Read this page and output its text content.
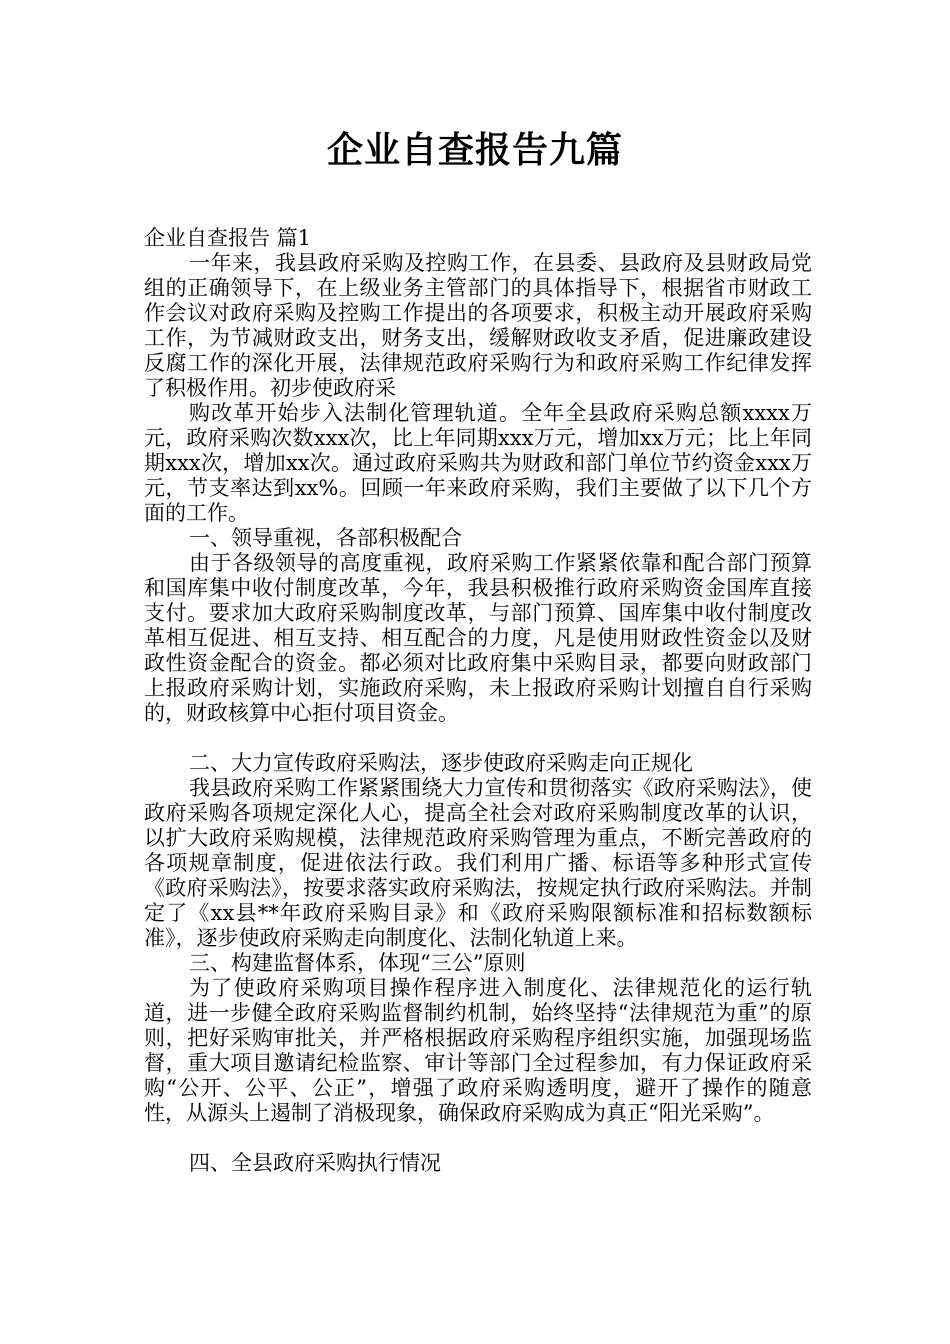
企业自查报告九篇

企业自查报告 篇1

一年来，我县政府采购及控购工作，在县委、县政府及县财政局党组的正确领导下，在上级业务主管部门的具体指导下，根据省市财政工作会议对政府采购及控购工作提出的各项要求，积极主动开展政府采购工作，为节减财政支出，财务支出，缓解财政收支矛盾，促进廉政建设反腐工作的深化开展，法律规范政府采购行为和政府采购工作纪律发挥了积极作用。初步使政府采

购改革开始步入法制化管理轨道。全年全县政府采购总额xxxx万元，政府采购次数xxx次，比上年同期xxx万元，增加xx万元；比上年同期xxx次，增加xx次。通过政府采购共为财政和部门单位节约资金xxx万元，节支率达到xx%。回顾一年来政府采购，我们主要做了以下几个方面的工作。

一、领导重视，各部积极配合

由于各级领导的高度重视，政府采购工作紧紧依靠和配合部门预算和国库集中收付制度改革，今年，我县积极推行政府采购资金国库直接支付。要求加大政府采购制度改革，与部门预算、国库集中收付制度改革相互促进、相互支持、相互配合的力度，凡是使用财政性资金以及财政性资金配合的资金。都必须对比政府集中采购目录，都要向财政部门上报政府采购计划，实施政府采购，未上报政府采购计划擅自自行采购的，财政核算中心拒付项目资金。

二、大力宣传政府采购法，逐步使政府采购走向正规化

我县政府采购工作紧紧围绕大力宣传和贯彻落实《政府采购法》，使政府采购各项规定深化人心，提高全社会对政府采购制度改革的认识，以扩大政府采购规模，法律规范政府采购管理为重点，不断完善政府的各项规章制度，促进依法行政。我们利用广播、标语等多种形式宣传《政府采购法》，按要求落实政府采购法，按规定执行政府采购法。并制定了《xx县**年政府采购目录》和《政府采购限额标准和招标数额标准》，逐步使政府采购走向制度化、法制化轨道上来。

三、构建监督体系，体现“三公”原则

为了使政府采购项目操作程序进入制度化、法律规范化的运行轨道，进一步健全政府采购监督制约机制，始终坚持“法律规范为重”的原则，把好采购审批关，并严格根据政府采购程序组织实施，加强现场监督，重大项目邀请纪检监察、审计等部门全过程参加，有力保证政府采购“公开、公平、公正”，增强了政府采购透明度，避开了操作的随意性，从源头上遏制了消极现象，确保政府采购成为真正“阳光采购”。

四、全县政府采购执行情况
